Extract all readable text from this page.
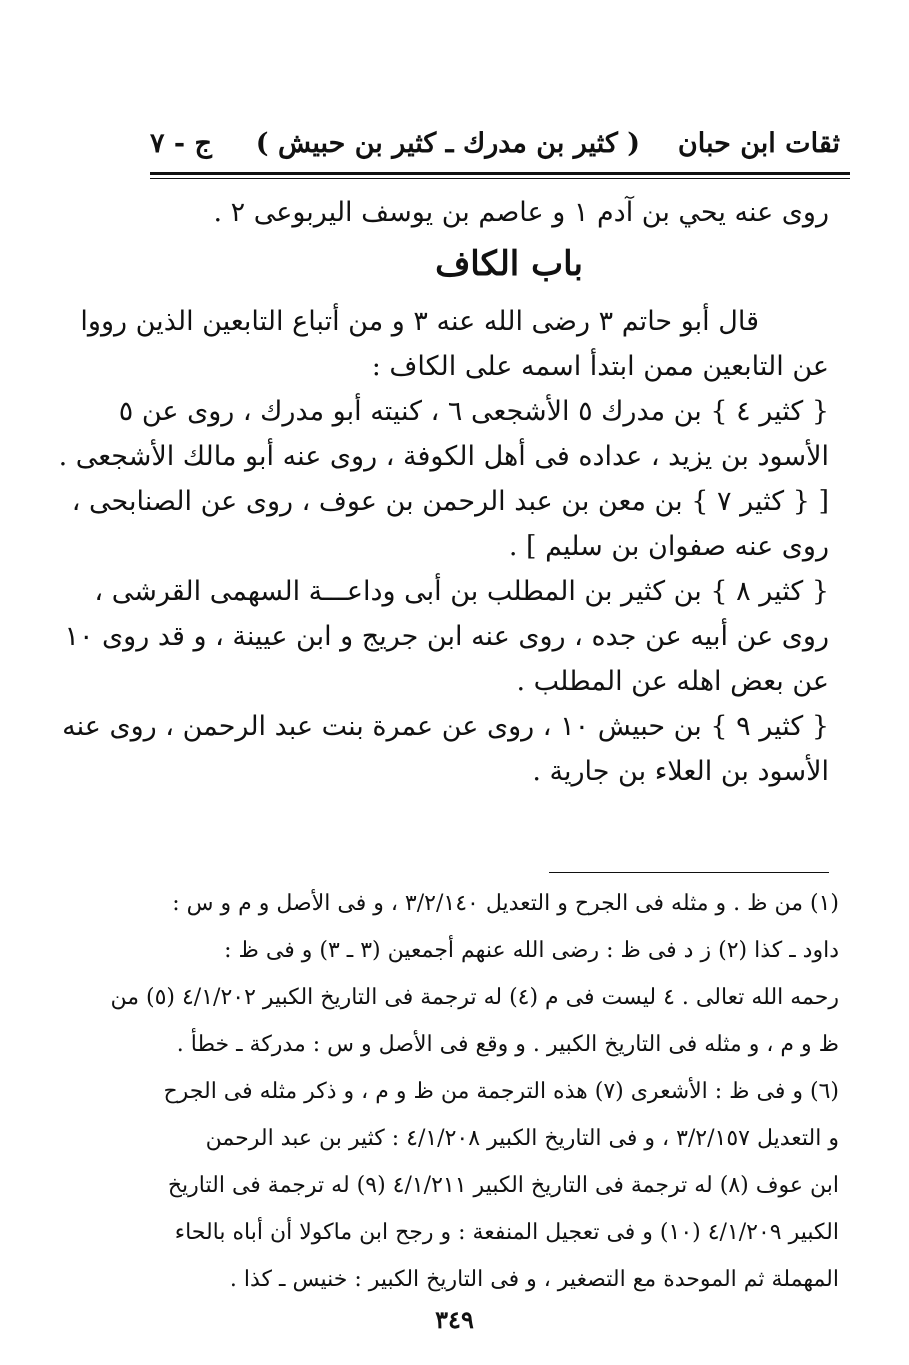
ثقات ابن حبان
( كثير بن مدرك ـ كثير بن حبيش )
ج - ٧
روى عنه يحي بن آدم ١ و عاصم بن يوسف اليربوعى ٢ .
باب الكاف
قال أبو حاتم ٣ رضى الله عنه ٣ و من أتباع التابعين الذين رووا
عن التابعين ممن ابتدأ اسمه على الكاف :
{ كثير ٤ } بن مدرك ٥ الأشجعى ٦ ، كنيته أبو مدرك ، روى عن ٥
الأسود بن يزيد ، عداده فى أهل الكوفة ، روى عنه أبو مالك الأشجعى .
[ { كثير ٧ } بن معن بن عبد الرحمن بن عوف ، روى عن الصنابحى ،
روى عنه صفوان بن سليم ] .
{ كثير ٨ } بن كثير بن المطلب بن أبى وداعـــة السهمى القرشى ،
روى عن أبيه عن جده ، روى عنه ابن جريج و ابن عيينة ، و قد روى ١٠
عن بعض اهله عن المطلب .
{ كثير ٩ } بن حبيش ١٠ ، روى عن عمرة بنت عبد الرحمن ، روى عنه
الأسود بن العلاء بن جارية .
(١) من ظ . و مثله فى الجرح و التعديل ٣/٢/١٤٠ ، و فى الأصل و م و س :
داود ـ كذا (٢) ز د فى ظ : رضى الله عنهم أجمعين (٣ ـ ٣) و فى ظ :
رحمه الله تعالى . ٤ ليست فى م (٤) له ترجمة فى التاريخ الكبير ٤/١/٢٠٢ (٥) من
ظ و م ، و مثله فى التاريخ الكبير . و وقع فى الأصل و س : مدركة ـ خطأ .
(٦) و فى ظ : الأشعرى (٧) هذه الترجمة من ظ و م ، و ذكر مثله فى الجرح
و التعديل ٣/٢/١٥٧ ، و فى التاريخ الكبير ٤/١/٢٠٨ : كثير بن عبد الرحمن
ابن عوف (٨) له ترجمة فى التاريخ الكبير ٤/١/٢١١ (٩) له ترجمة فى التاريخ
الكبير ٤/١/٢٠٩ (١٠) و فى تعجيل المنفعة : و رجح ابن ماكولا أن أباه بالحاء
المهملة ثم الموحدة مع التصغير ، و فى التاريخ الكبير : خنيس ـ كذا .
٣٤٩
